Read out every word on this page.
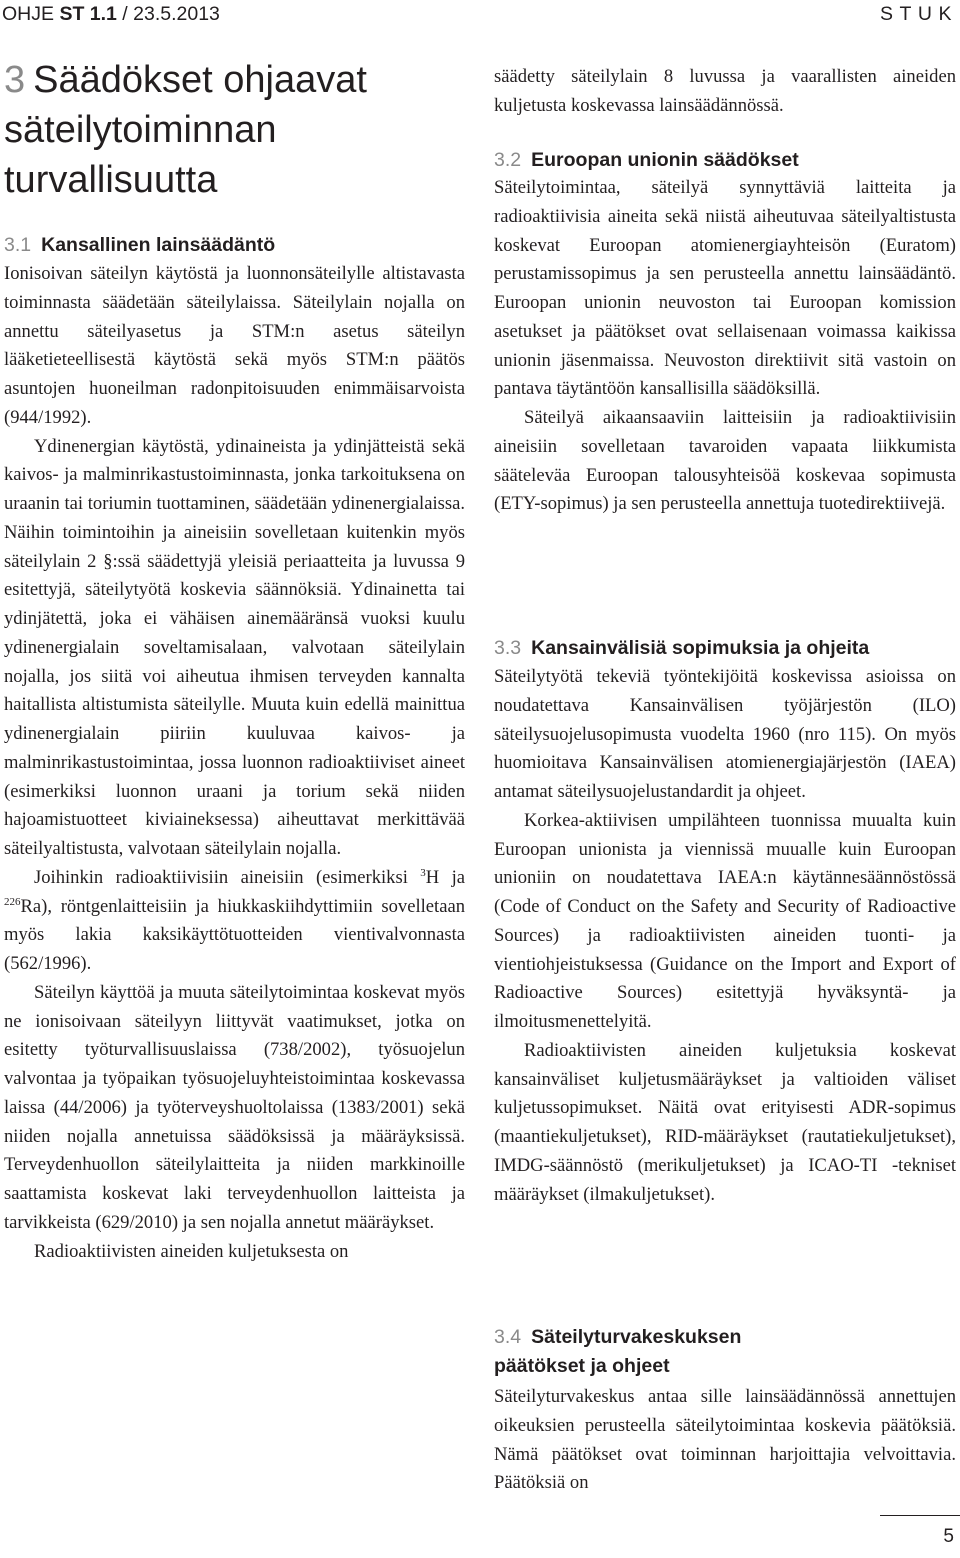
OHJE ST 1.1 / 23.5.2013	STUK
3 Säädökset ohjaavat säteilytoiminnan turvallisuutta
3.1 Kansallinen lainsäädäntö

Ionisoivan säteilyn käytöstä ja luonnonsäteilylle altistavasta toiminnasta säädetään säteilylaissa. Säteilylain nojalla on annettu säteilyasetus ja STM:n asetus säteilyn lääketieteellisestä käytöstä sekä myös STM:n päätös asuntojen huoneilman radonpitoisuuden enimmäisarvoista (944/1992).

Ydinenergian käytöstä, ydinaineista ja ydinjätteistä sekä kaivos- ja malminrikastustoiminnasta, jonka tarkoituksena on uraanin tai toriumin tuottaminen, säädetään ydinenergialaissa. Näihin toimintoihin ja aineisiin sovelletaan kuitenkin myös säteilylain 2 §:ssä säädettyjä yleisiä periaatteita ja luvussa 9 esitettyjä, säteilytyötä koskevia säännöksiä. Ydinainetta tai ydinjätettä, joka ei vähäisen ainemääränsä vuoksi kuulu ydinenergialain soveltamisalaan, valvotaan säteilylain nojalla, jos siitä voi aiheutua ihmisen terveyden kannalta haitallista altistumista säteilylle. Muuta kuin edellä mainittua ydinenergialain piiriin kuuluvaa kaivos- ja malminrikastustoimintaa, jossa luonnon radioaktiiviset aineet (esimerkiksi luonnon uraani ja torium sekä niiden hajoamistuotteet kiviaineksessa) aiheuttavat merkittävää säteilyaltistusta, valvotaan säteilylain nojalla.

Joihinkin radioaktiivisiin aineisiin (esimerkiksi $^3$H ja $^{226}$Ra), röntgenlaitteisiin ja hiukkaskiihdyttimiin sovelletaan myös lakia kaksikäyttötuotteiden vientivalvonnasta (562/1996).

Säteilyn käyttöä ja muuta säteilytoimintaa koskevat myös ne ionisoivaan säteilyyn liittyvät vaatimukset, jotka on esitetty työturvallisuuslaissa (738/2002), työsuojelun valvontaa ja työpaikan työsuojeluyhteistoimintaa koskevassa laissa (44/2006) ja työterveyshuoltolaissa (1383/2001) sekä niiden nojalla annetuissa säädöksissä ja määräyksissä. Terveydenhuollon säteilylaitteita ja niiden markkinoille saattamista koskevat laki terveydenhuollon laitteista ja tarvikkeista (629/2010) ja sen nojalla annetut määräykset.

Radioaktiivisten aineiden kuljetuksesta on

säädetty säteilylain 8 luvussa ja vaarallisten aineiden kuljetusta koskevassa lainsäädännössä.

3.2 Euroopan unionin säädökset

Säteilytoimintaa, säteilyä synnyttäviä laitteita ja radioaktiivisia aineita sekä niistä aiheutuvaa säteilyaltistusta koskevat Euroopan atomienergiayhteisön (Euratom) perustamissopimus ja sen perusteella annettu lainsäädäntö. Euroopan unionin neuvoston tai Euroopan komission asetukset ja päätökset ovat sellaisenaan voimassa kaikissa unionin jäsenmaissa. Neuvoston direktiivit sitä vastoin on pantava täytäntöön kansallisilla säädöksillä.

Säteilyä aikaansaaviin laitteisiin ja radioaktiivisiin aineisiin sovelletaan tavaroiden vapaata liikkumista sääteleväa Euroopan talousyhteisöä koskevaa sopimusta (ETY-sopimus) ja sen perusteella annettuja tuotedirektiivejä.

3.3 Kansainvälisiä sopimuksia ja ohjeita

Säteilytyötä tekeviä työntekijöitä koskevissa asioissa on noudatettava Kansainvälisen työjärjestön (ILO) säteilysuojelusopimusta vuodelta 1960 (nro 115). On myös huomioitava Kansainvälisen atomienergiajärjestön (IAEA) antamat säteilysuojelustandardit ja ohjeet.

Korkea-aktiivisen umpilähteen tuonnissa muualta kuin Euroopan unionista ja viennissä muualle kuin Euroopan unioniin on noudatettava IAEA:n käytännesäännöstössä (Code of Conduct on the Safety and Security of Radioactive Sources) ja radioaktiivisten aineiden tuonti- ja vientiohjeistuksessa (Guidance on the Import and Export of Radioactive Sources) esitettyjä hyväksyntä- ja ilmoitusmenettelyitä.

Radioaktiivisten aineiden kuljetuksia koskevat kansainväliset kuljetusmääräykset ja valtioiden väliset kuljetussopimukset. Näitä ovat erityisesti ADR-sopimus (maantiekuljetukset), RID-määräykset (rautatiekuljetukset), IMDG-säännöstö (merikuljetukset) ja ICAO-TI -tekniset määräykset (ilmakuljetukset).

3.4 Säteilyturvakeskuksen päätökset ja ohjeet

Säteilyturvakeskus antaa sille lainsäädännössä annettujen oikeuksien perusteella säteilytoimintaa koskevia päätöksiä. Nämä päätökset ovat toiminnan harjoittajia velvoittavia. Päätöksiä on

5
